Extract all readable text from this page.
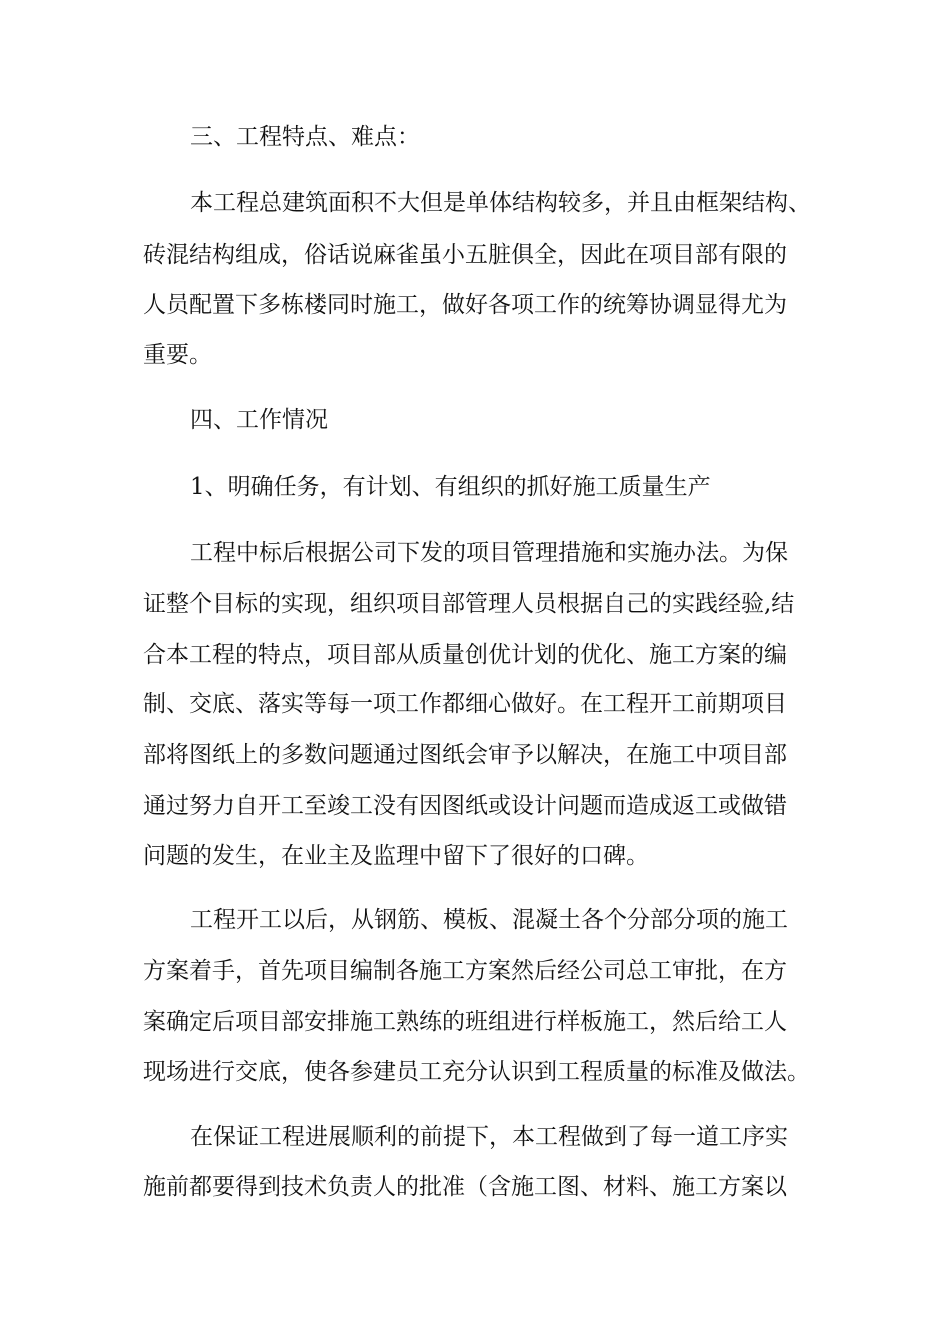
三、工程特点、难点：

本工程总建筑面积不大但是单体结构较多，并且由框架结构、

砖混结构组成，俗话说麻雀虽小五脏俱全，因此在项目部有限的

人员配置下多栋楼同时施工，做好各项工作的统筹协调显得尤为

重要。

四、工作情况

1、明确任务，有计划、有组织的抓好施工质量生产

工程中标后根据公司下发的项目管理措施和实施办法。为保

证整个目标的实现，组织项目部管理人员根据自己的实践经验,结

合本工程的特点，项目部从质量创优计划的优化、施工方案的编

制、交底、落实等每一项工作都细心做好。在工程开工前期项目

部将图纸上的多数问题通过图纸会审予以解决，在施工中项目部

通过努力自开工至竣工没有因图纸或设计问题而造成返工或做错

问题的发生，在业主及监理中留下了很好的口碑。

工程开工以后，从钢筋、模板、混凝土各个分部分项的施工

方案着手，首先项目编制各施工方案然后经公司总工审批，在方

案确定后项目部安排施工熟练的班组进行样板施工，然后给工人

现场进行交底，使各参建员工充分认识到工程质量的标准及做法。

在保证工程进展顺利的前提下，本工程做到了每一道工序实

施前都要得到技术负责人的批准（含施工图、材料、施工方案以
